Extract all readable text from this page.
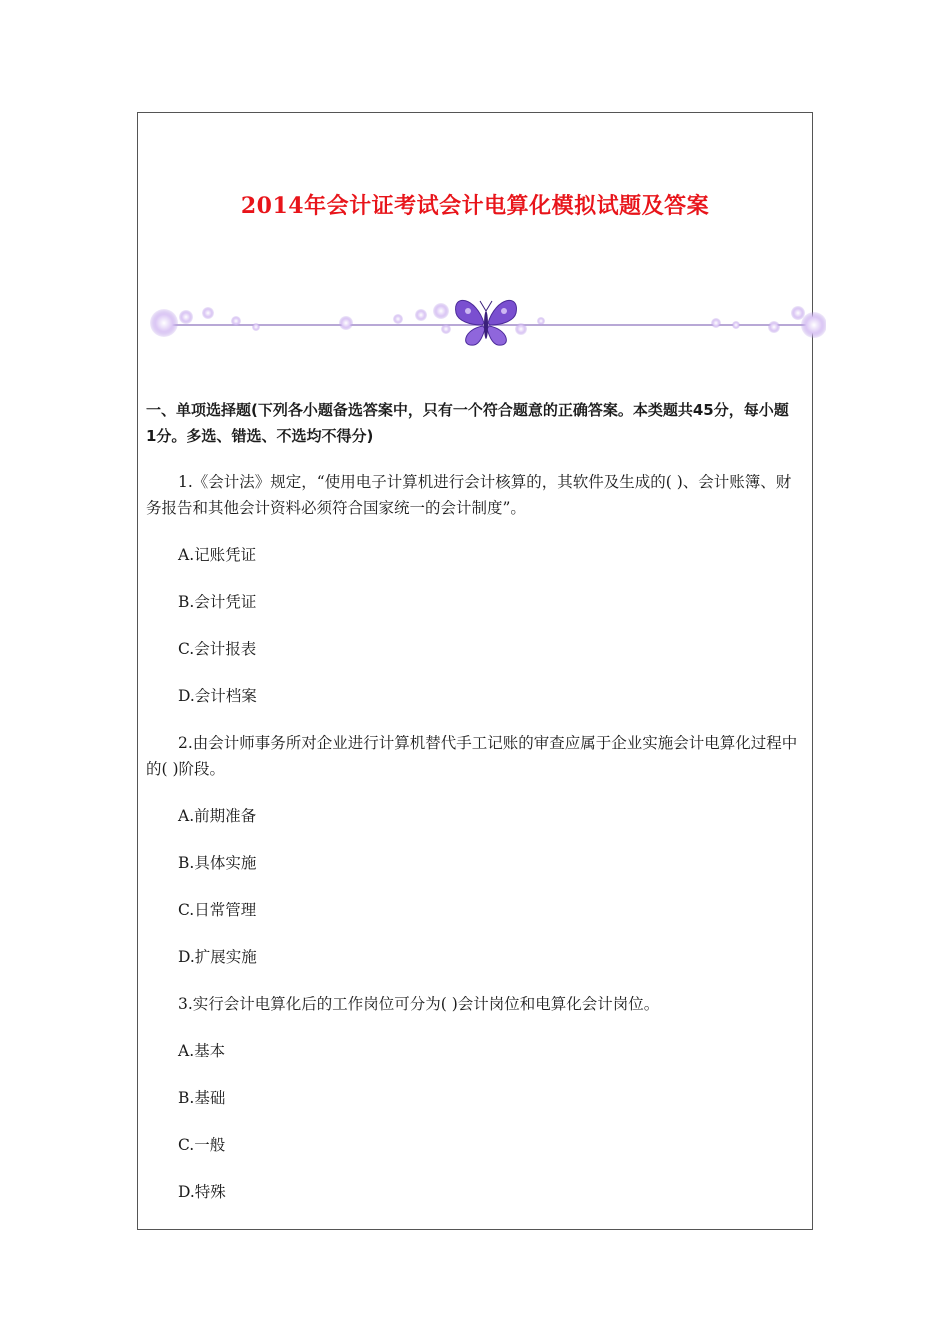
2014年会计证考试会计电算化模拟试题及答案

一、单项选择题(下列各小题备选答案中，只有一个符合题意的正确答案。本类题共45分，每小题1分。多选、错选、不选均不得分)

1.《会计法》规定，“使用电子计算机进行会计核算的，其软件及生成的( )、会计账簿、财务报告和其他会计资料必须符合国家统一的会计制度”。

A.记账凭证

B.会计凭证

C.会计报表

D.会计档案

2.由会计师事务所对企业进行计算机替代手工记账的审查应属于企业实施会计电算化过程中的( )阶段。

A.前期准备

B.具体实施

C.日常管理

D.扩展实施

3.实行会计电算化后的工作岗位可分为( )会计岗位和电算化会计岗位。

A.基本

B.基础

C.一般

D.特殊
